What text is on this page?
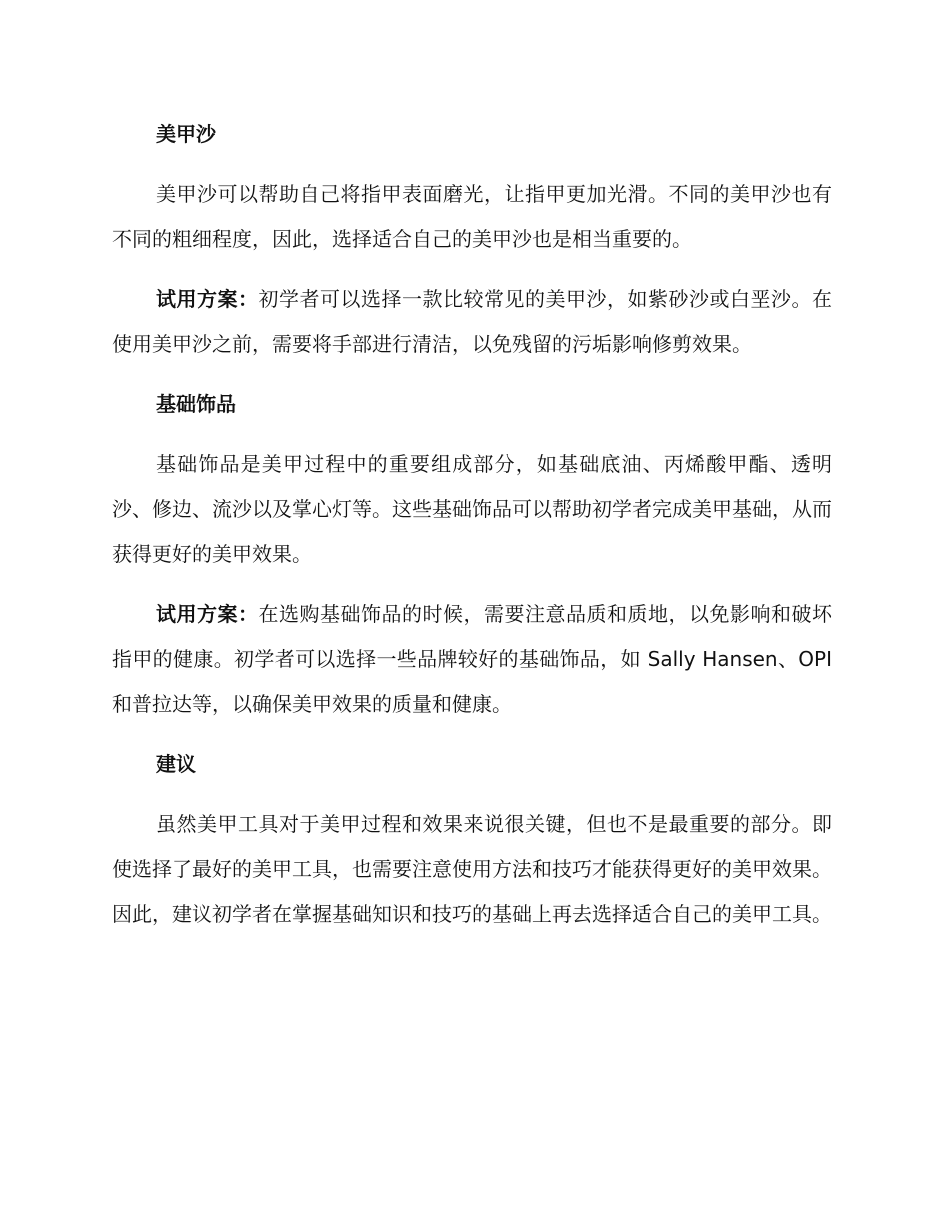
美甲沙
美甲沙可以帮助自己将指甲表面磨光，让指甲更加光滑。不同的美甲沙也有不同的粗细程度，因此，选择适合自己的美甲沙也是相当重要的。
试用方案：初学者可以选择一款比较常见的美甲沙，如紫砂沙或白垩沙。在使用美甲沙之前，需要将手部进行清洁，以免残留的污垢影响修剪效果。
基础饰品
基础饰品是美甲过程中的重要组成部分，如基础底油、丙烯酸甲酯、透明沙、修边、流沙以及掌心灯等。这些基础饰品可以帮助初学者完成美甲基础，从而获得更好的美甲效果。
试用方案：在选购基础饰品的时候，需要注意品质和质地，以免影响和破坏指甲的健康。初学者可以选择一些品牌较好的基础饰品，如 Sally Hansen、OPI 和普拉达等，以确保美甲效果的质量和健康。
建议
虽然美甲工具对于美甲过程和效果来说很关键，但也不是最重要的部分。即使选择了最好的美甲工具，也需要注意使用方法和技巧才能获得更好的美甲效果。因此，建议初学者在掌握基础知识和技巧的基础上再去选择适合自己的美甲工具。
